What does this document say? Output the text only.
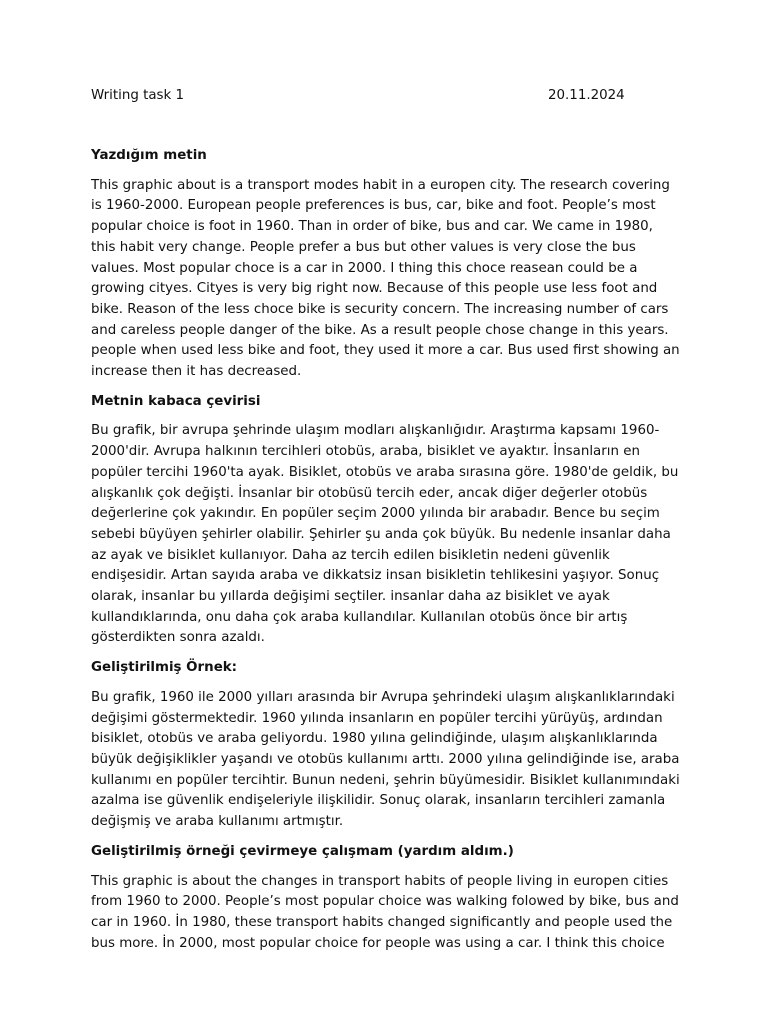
Writing task 1	20.11.2024

Yazdığım metin

This graphic about is a transport modes habit in a europen city. The research covering is 1960-2000. European people preferences is bus, car, bike and foot. People’s most popular choice is foot in 1960. Than in order of bike, bus and car. We came in 1980, this habit very change. People prefer a bus but other values is very close the bus values. Most popular choce is a car in 2000. I thing this choce reasean could be a growing cityes. Cityes is very big right now. Because of this people use less foot and bike. Reason of the less choce bike is security concern. The increasing number of cars and careless people danger of the bike. As a result people chose change in this years. people when used less bike and foot, they used it more a car. Bus used first showing an increase then it has decreased.

Metnin kabaca çevirisi

Bu grafik, bir avrupa şehrinde ulaşım modları alışkanlığıdır. Araştırma kapsamı 1960-2000'dir. Avrupa halkının tercihleri otobüs, araba, bisiklet ve ayaktır. İnsanların en popüler tercihi 1960'ta ayak. Bisiklet, otobüs ve araba sırasına göre. 1980'de geldik, bu alışkanlık çok değişti. İnsanlar bir otobüsü tercih eder, ancak diğer değerler otobüs değerlerine çok yakındır. En popüler seçim 2000 yılında bir arabadır. Bence bu seçim sebebi büyüyen şehirler olabilir. Şehirler şu anda çok büyük. Bu nedenle insanlar daha az ayak ve bisiklet kullanıyor. Daha az tercih edilen bisikletin nedeni güvenlik endişesidir. Artan sayıda araba ve dikkatsiz insan bisikletin tehlikesini yaşıyor. Sonuç olarak, insanlar bu yıllarda değişimi seçtiler. insanlar daha az bisiklet ve ayak kullandıklarında, onu daha çok araba kullandılar. Kullanılan otobüs önce bir artış gösterdikten sonra azaldı.

Geliştirilmiş Örnek:

Bu grafik, 1960 ile 2000 yılları arasında bir Avrupa şehrindeki ulaşım alışkanlıklarındaki değişimi göstermektedir. 1960 yılında insanların en popüler tercihi yürüyüş, ardından bisiklet, otobüs ve araba geliyordu. 1980 yılına gelindiğinde, ulaşım alışkanlıklarında büyük değişiklikler yaşandı ve otobüs kullanımı arttı. 2000 yılına gelindiğinde ise, araba kullanımı en popüler tercihtir. Bunun nedeni, şehrin büyümesidir. Bisiklet kullanımındaki azalma ise güvenlik endişeleriyle ilişkilidir. Sonuç olarak, insanların tercihleri zamanla değişmiş ve araba kullanımı artmıştır.

Geliştirilmiş örneği çevirmeye çalışmam (yardım aldım.)

This graphic is about the changes in transport habits of people living in europen cities from 1960 to 2000. People’s most popular choice was walking folowed by bike, bus and car in 1960. İn 1980, these transport habits changed significantly and people used the bus more. İn 2000, most popular choice for people was using a car. I think this choice
